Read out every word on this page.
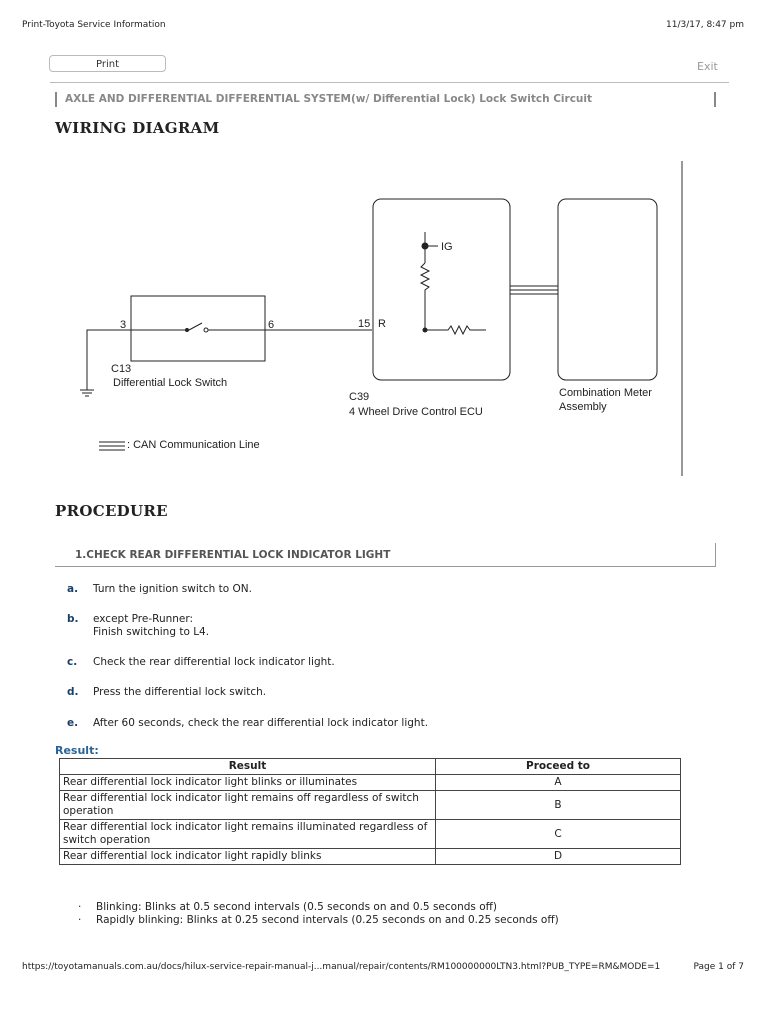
Print-Toyota Service Information	11/3/17, 8:47 pm
Print	Exit
AXLE AND DIFFERENTIAL DIFFERENTIAL SYSTEM(w/ Differential Lock) Lock Switch Circuit
WIRING DIAGRAM
3	6
C13
Differential Lock Switch
15 R
IG
C39
4 Wheel Drive Control ECU
Combination Meter
Assembly
: CAN Communication Line
PROCEDURE
1.CHECK REAR DIFFERENTIAL LOCK INDICATOR LIGHT
a. Turn the ignition switch to ON.
b. except Pre-Runner:
Finish switching to L4.
c. Check the rear differential lock indicator light.
d. Press the differential lock switch.
e. After 60 seconds, check the rear differential lock indicator light.
Result:
Result	Proceed to
Rear differential lock indicator light blinks or illuminates	A
Rear differential lock indicator light remains off regardless of switch operation	B
Rear differential lock indicator light remains illuminated regardless of switch operation	C
Rear differential lock indicator light rapidly blinks	D
· Blinking: Blinks at 0.5 second intervals (0.5 seconds on and 0.5 seconds off)
· Rapidly blinking: Blinks at 0.25 second intervals (0.25 seconds on and 0.25 seconds off)
https://toyotamanuals.com.au/docs/hilux-service-repair-manual-j...manual/repair/contents/RM100000000LTN3.html?PUB_TYPE=RM&MODE=1	Page 1 of 7
